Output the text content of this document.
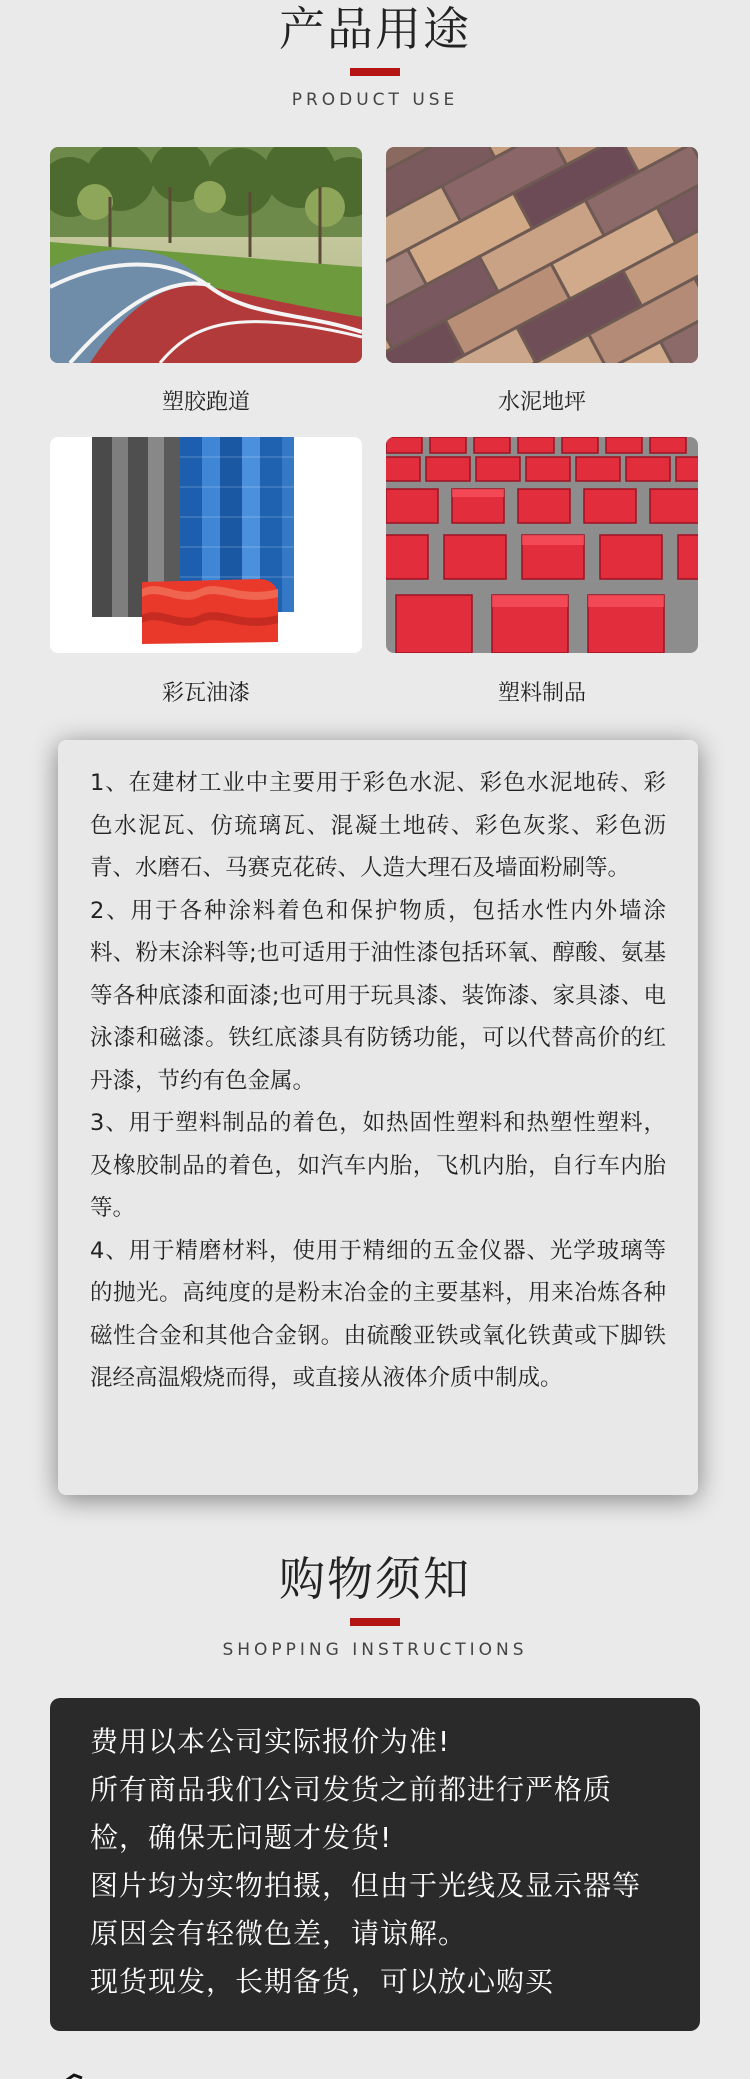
产品用途
PRODUCT USE
塑胶跑道	水泥地坪
彩瓦油漆	塑料制品

1、在建材工业中主要用于彩色水泥、彩色水泥地砖、彩色水泥瓦、仿琉璃瓦、混凝土地砖、彩色灰浆、彩色沥青、水磨石、马赛克花砖、人造大理石及墙面粉刷等。

2、用于各种涂料着色和保护物质，包括水性内外墙涂料、粉末涂料等;也可适用于油性漆包括环氧、醇酸、氨基等各种底漆和面漆;也可用于玩具漆、装饰漆、家具漆、电泳漆和磁漆。铁红底漆具有防锈功能，可以代替高价的红丹漆，节约有色金属。

3、用于塑料制品的着色，如热固性塑料和热塑性塑料，及橡胶制品的着色，如汽车内胎，飞机内胎，自行车内胎等。

4、用于精磨材料，使用于精细的五金仪器、光学玻璃等的抛光。高纯度的是粉末冶金的主要基料，用来冶炼各种磁性合金和其他合金钢。由硫酸亚铁或氧化铁黄或下脚铁混经高温煅烧而得，或直接从液体介质中制成。

购物须知
SHOPPING INSTRUCTIONS

费用以本公司实际报价为准!

所有商品我们公司发货之前都进行严格质检，确保无问题才发货!

图片均为实物拍摄，但由于光线及显示器等原因会有轻微色差，请谅解。

现货现发，长期备货，可以放心购买
